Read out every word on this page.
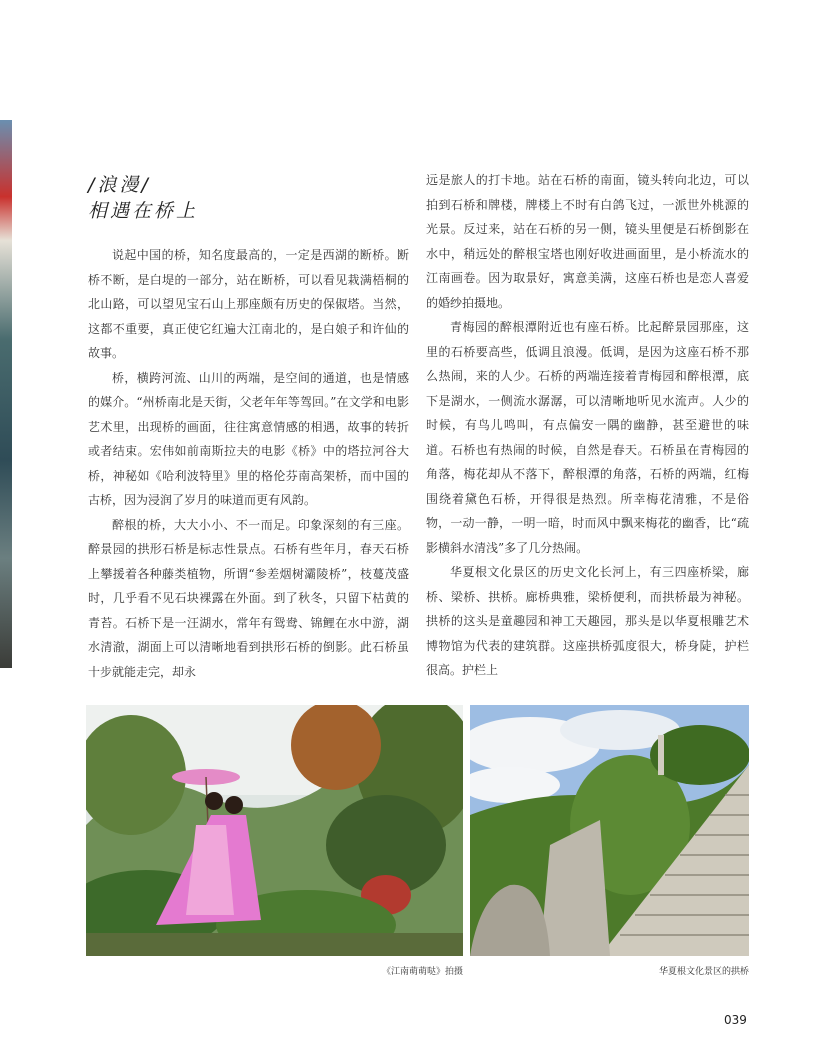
/浪漫/
相遇在桥上

说起中国的桥，知名度最高的，一定是西湖的断桥。断桥不断，是白堤的一部分，站在断桥，可以看见栽满梧桐的北山路，可以望见宝石山上那座颇有历史的保俶塔。当然，这都不重要，真正使它红遍大江南北的，是白娘子和许仙的故事。

桥，横跨河流、山川的两端，是空间的通道，也是情感的媒介。“州桥南北是天街，父老年年等驾回。”在文学和电影艺术里，出现桥的画面，往往寓意情感的相遇，故事的转折或者结束。宏伟如前南斯拉夫的电影《桥》中的塔拉河谷大桥，神秘如《哈利波特里》里的格伦芬南高架桥，而中国的古桥，因为浸润了岁月的味道而更有风韵。

醉根的桥，大大小小、不一而足。印象深刻的有三座。醉景园的拱形石桥是标志性景点。石桥有些年月，春天石桥上攀援着各种藤类植物，所谓“参差烟树灞陵桥”，枝蔓茂盛时，几乎看不见石块裸露在外面。到了秋冬，只留下枯黄的青苔。石桥下是一汪湖水，常年有鸳鸯、锦鲤在水中游，湖水清澈，湖面上可以清晰地看到拱形石桥的倒影。此石桥虽十步就能走完，却永

远是旅人的打卡地。站在石桥的南面，镜头转向北边，可以拍到石桥和牌楼，牌楼上不时有白鸽飞过，一派世外桃源的光景。反过来，站在石桥的另一侧，镜头里便是石桥倒影在水中，稍远处的醉根宝塔也刚好收进画面里，是小桥流水的江南画卷。因为取景好，寓意美满，这座石桥也是恋人喜爱的婚纱拍摄地。

青梅园的醉根潭附近也有座石桥。比起醉景园那座，这里的石桥要高些，低调且浪漫。低调，是因为这座石桥不那么热闹，来的人少。石桥的两端连接着青梅园和醉根潭，底下是湖水，一侧流水潺潺，可以清晰地听见水流声。人少的时候，有鸟儿鸣叫，有点偏安一隅的幽静，甚至避世的味道。石桥也有热闹的时候，自然是春天。石桥虽在青梅园的角落，梅花却从不落下，醉根潭的角落，石桥的两端，红梅围绕着黛色石桥，开得很是热烈。所幸梅花清雅，不是俗物，一动一静，一明一暗，时而风中飘来梅花的幽香，比“疏影横斜水清浅”多了几分热闹。

华夏根文化景区的历史文化长河上，有三四座桥梁，廊桥、梁桥、拱桥。廊桥典雅，梁桥便利，而拱桥最为神秘。拱桥的这头是童趣园和神工天趣园，那头是以华夏根雕艺术博物馆为代表的建筑群。这座拱桥弧度很大，桥身陡，护栏很高。护栏上

《江南萌萌哒》拍摄	华夏根文化景区的拱桥
039
